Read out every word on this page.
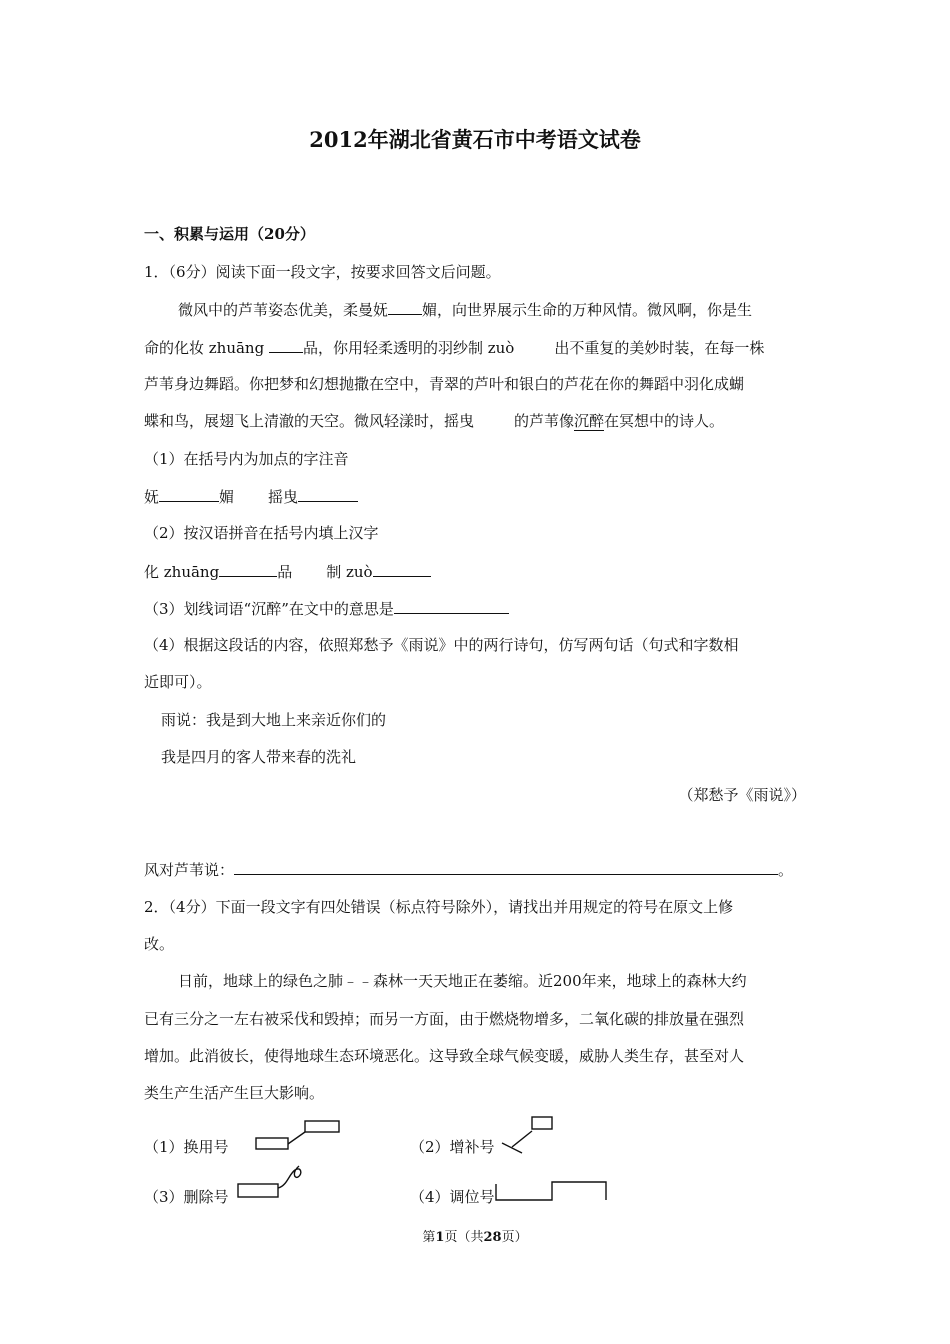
2012年湖北省黄石市中考语文试卷
一、积累与运用（20分）
1．（6分）阅读下面一段文字，按要求回答文后问题。
微风中的芦苇姿态优美，柔曼妩 媚，向世界展示生命的万种风情。微风啊，你是生
命的化妆 zhuāng 品，你用轻柔透明的羽纱制 zuò	出不重复的美妙时装，在每一株
芦苇身边舞蹈。你把梦和幻想抛撒在空中，青翠的芦叶和银白的芦花在你的舞蹈中羽化成蝴
蝶和鸟，展翅飞上清澈的天空。微风轻漾时，摇曳	的芦苇像沉醉在冥想中的诗人。
（1）在括号内为加点的字注音
妩	媚 摇曳
（2）按汉语拼音在括号内填上汉字
化 zhuāng	品 制 zuò
（3）划线词语“沉醉”在文中的意思是
（4）根据这段话的内容，依照郑愁予《雨说》中的两行诗句，仿写两句话（句式和字数相
近即可）。
雨说：我是到大地上来亲近你们的
我是四月的客人带来春的洗礼
（郑愁予《雨说》）
风对芦苇说：	。
2．（4分）下面一段文字有四处错误（标点符号除外），请找出并用规定的符号在原文上修
改。
日前，地球上的绿色之肺﹣﹣森林一天天地正在萎缩。近200年来，地球上的森林大约
已有三分之一左右被采伐和毁掉；而另一方面，由于燃烧物增多，二氧化碳的排放量在强烈
增加。此消彼长，使得地球生态环境恶化。这导致全球气候变暖，威胁人类生存，甚至对人
类生产生活产生巨大影响。
（1）换用号	（2）增补号
（3）删除号	（4）调位号
第1页（共28页）
